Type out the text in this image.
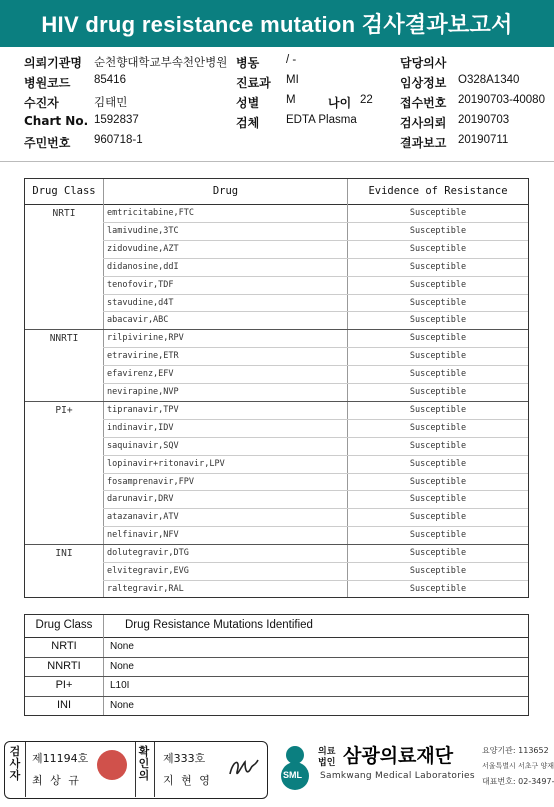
HIV drug resistance mutation 검사결과보고서
의뢰기관명 순천향대학교부속천안병원 병동 / -	담당의사
병원코드 85416	진료과 MI	임상정보 O328A1340
수진자	김태민	성별 M	나이 22 접수번호 20190703-40080
Chart No. 1592837	검체 EDTA Plasma	검사의뢰 20190703
주민번호 960718-1	결과보고 20190711
Drug Class	Drug	Evidence of Resistance
NRTI	emtricitabine,FTC	Susceptible
lamivudine,3TC	Susceptible
zidovudine,AZT	Susceptible
didanosine,ddI	Susceptible
tenofovir,TDF	Susceptible
stavudine,d4T	Susceptible
abacavir,ABC	Susceptible
NNRTI	rilpivirine,RPV	Susceptible
etravirine,ETR	Susceptible
efavirenz,EFV	Susceptible
nevirapine,NVP	Susceptible
PI+	tipranavir,TPV	Susceptible
indinavir,IDV	Susceptible
saquinavir,SQV	Susceptible
lopinavir+ritonavir,LPV	Susceptible
fosamprenavir,FPV	Susceptible
darunavir,DRV	Susceptible
atazanavir,ATV	Susceptible
nelfinavir,NFV	Susceptible
INI	dolutegravir,DTG	Susceptible
elvitegravir,EVG	Susceptible
raltegravir,RAL	Susceptible
Drug Class	Drug Resistance Mutations Identified
NRTI	None
NNRTI	None
PI+	L10I
INI	None
검
사
자
제11194호
최 상 규
확
인
의
제333호
지 현 영	SML
의료 법인 삼광의료재단
Samkwang Medical Laboratories
요양기관: 113652
서울특별시 서초구 양재
대표번호: 02-3497-
